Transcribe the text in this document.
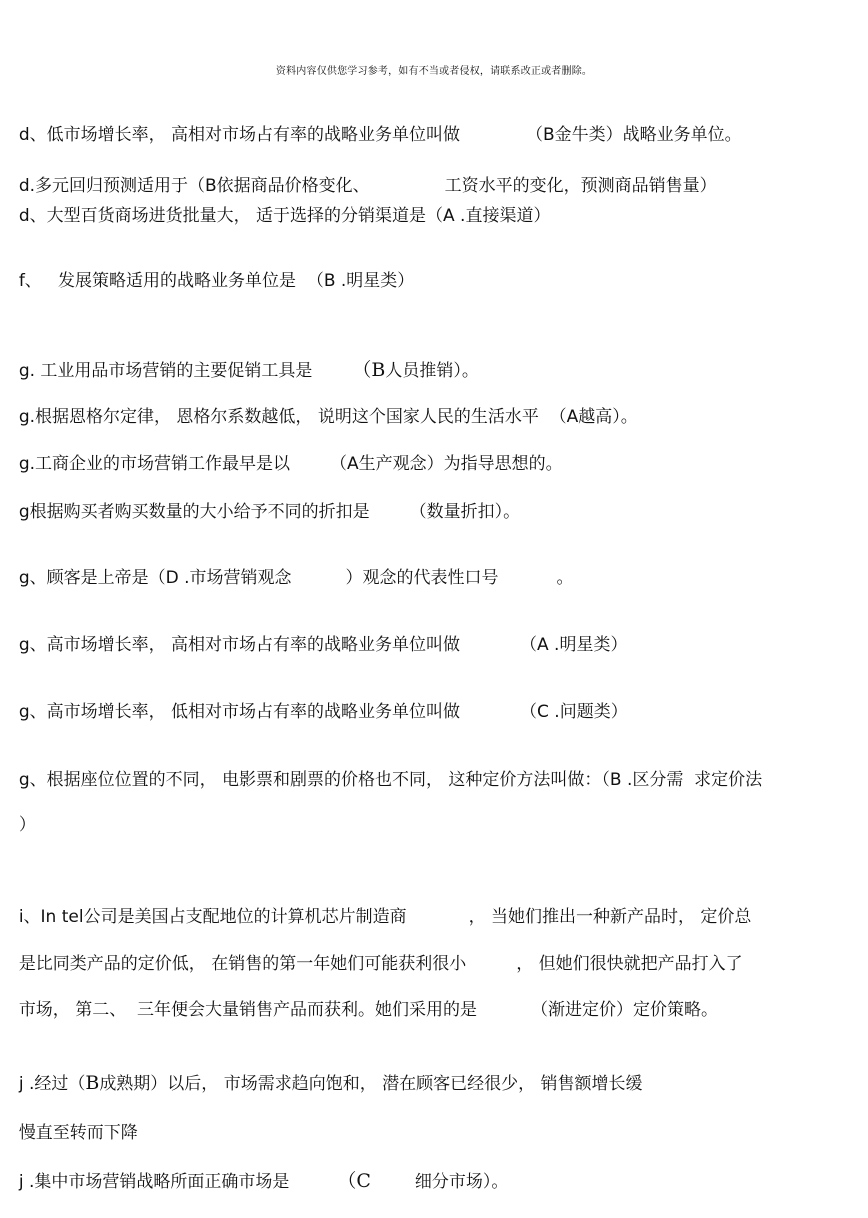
资料内容仅供您学习参考，如有不当或者侵权，请联系改正或者删除。

d、低市场增长率， 高相对市场占有率的战略业务单位叫做	（B金牛类）战略业务单位。

d.多元回归预测适用于（B依据商品价格变化、	工资水平的变化，预测商品销售量）

d、大型百货商场进货批量大， 适于选择的分销渠道是（A .直接渠道）

f、   发展策略适用的战略业务单位是  （B .明星类）

g. 工业用品市场营销的主要促销工具是 （B人员推销）。

g.根据恩格尔定律， 恩格尔系数越低， 说明这个国家人民的生活水平  （A越高）。

g.工商企业的市场营销工作最早是以 （A生产观念）为指导思想的。

g根据购买者购买数量的大小给予不同的折扣是 （数量折扣）。

g、顾客是上帝是（D .市场营销观念	）观念的代表性口号	。

g、高市场增长率， 高相对市场占有率的战略业务单位叫做	（A .明星类）

g、高市场增长率， 低相对市场占有率的战略业务单位叫做	（C .问题类）

g、根据座位位置的不同， 电影票和剧票的价格也不同， 这种定价方法叫做：（B .区分需  求定价法

）

i、In tel公司是美国占支配地位的计算机芯片制造商	， 当她们推出一种新产品时， 定价总

是比同类产品的定价低， 在销售的第一年她们可能获利很小	， 但她们很快就把产品打入了

市场， 第二、  三年便会大量销售产品而获利。她们采用的是	（渐进定价）定价策略。

j .经过（B成熟期）以后， 市场需求趋向饱和， 潜在顾客已经很少， 销售额增长缓

慢直至转而下降

j .集中市场营销战略所面正确市场是	（C	细分市场）。
